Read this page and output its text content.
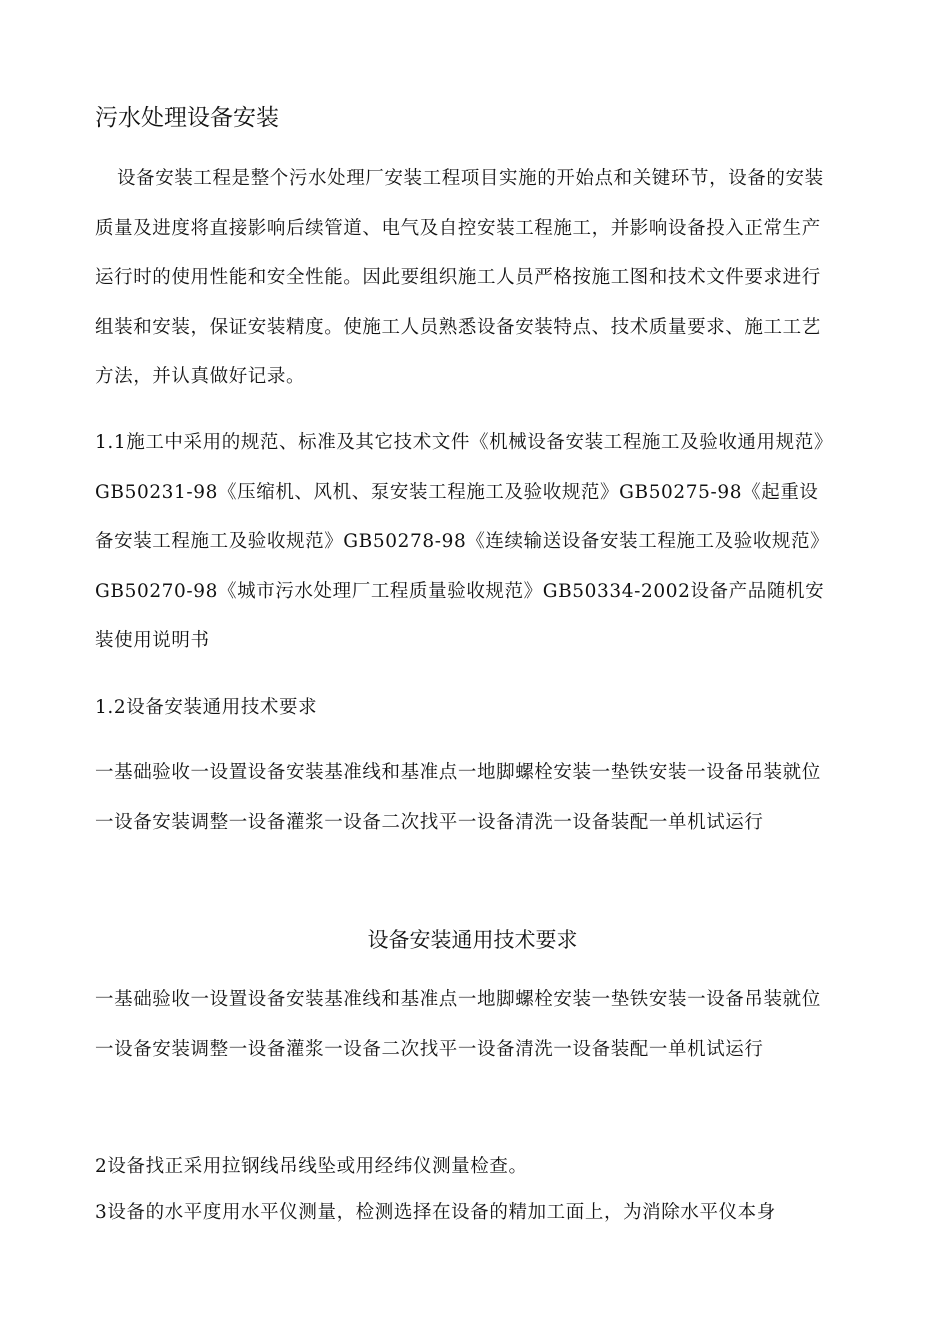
污水处理设备安装

设备安装工程是整个污水处理厂安装工程项目实施的开始点和关键环节，设备的安装质量及进度将直接影响后续管道、电气及自控安装工程施工，并影响设备投入正常生产运行时的使用性能和安全性能。因此要组织施工人员严格按施工图和技术文件要求进行组装和安装，保证安装精度。使施工人员熟悉设备安装特点、技术质量要求、施工工艺方法，并认真做好记录。

1.1施工中采用的规范、标准及其它技术文件《机械设备安装工程施工及验收通用规范》GB50231-98《压缩机、风机、泵安装工程施工及验收规范》GB50275-98《起重设备安装工程施工及验收规范》GB50278-98《连续输送设备安装工程施工及验收规范》GB50270-98《城市污水处理厂工程质量验收规范》GB50334-2002设备产品随机安装使用说明书

1.2设备安装通用技术要求

一基础验收一设置设备安装基准线和基准点一地脚螺栓安装一垫铁安装一设备吊装就位一设备安装调整一设备灌浆一设备二次找平一设备清洗一设备装配一单机试运行

设备安装通用技术要求

一基础验收一设置设备安装基准线和基准点一地脚螺栓安装一垫铁安装一设备吊装就位一设备安装调整一设备灌浆一设备二次找平一设备清洗一设备装配一单机试运行

2设备找正采用拉钢线吊线坠或用经纬仪测量检查。

3设备的水平度用水平仪测量，检测选择在设备的精加工面上，为消除水平仪本身
